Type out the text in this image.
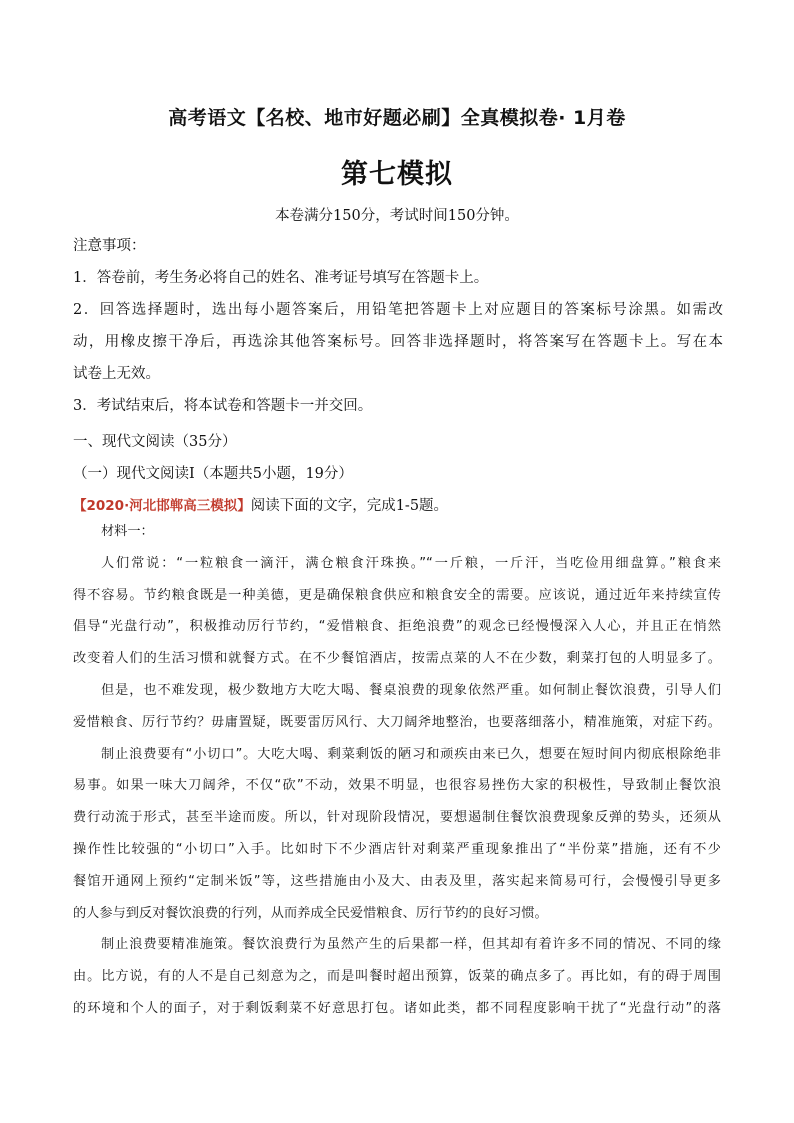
高考语文【名校、地市好题必刷】全真模拟卷· 1月卷
第七模拟
本卷满分150分，考试时间150分钟。
注意事项：
1．答卷前，考生务必将自己的姓名、准考证号填写在答题卡上。
2．回答选择题时，选出每小题答案后，用铅笔把答题卡上对应题目的答案标号涂黑。如需改
动，用橡皮擦干净后，再选涂其他答案标号。回答非选择题时，将答案写在答题卡上。写在本
试卷上无效。
3．考试结束后，将本试卷和答题卡一并交回。
一、现代文阅读（35分）
（一）现代文阅读Ⅰ（本题共5小题，19分）
【2020·河北邯郸高三模拟】阅读下面的文字，完成1-5题。
材料一：
人们常说：“一粒粮食一滴汗，满仓粮食汗珠换。”“一斤粮，一斤汗，当吃俭用细盘算。”粮食来
得不容易。节约粮食既是一种美德，更是确保粮食供应和粮食安全的需要。应该说，通过近年来持续宣传
倡导“光盘行动”，积极推动厉行节约，“爱惜粮食、拒绝浪费”的观念已经慢慢深入人心，并且正在悄然
改变着人们的生活习惯和就餐方式。在不少餐馆酒店，按需点菜的人不在少数，剩菜打包的人明显多了。
但是，也不难发现，极少数地方大吃大喝、餐桌浪费的现象依然严重。如何制止餐饮浪费，引导人们
爱惜粮食、厉行节约？毋庸置疑，既要雷厉风行、大刀阔斧地整治，也要落细落小，精准施策，对症下药。
制止浪费要有“小切口”。大吃大喝、剩菜剩饭的陋习和顽疾由来已久，想要在短时间内彻底根除绝非
易事。如果一味大刀阔斧，不仅“砍”不动，效果不明显，也很容易挫伤大家的积极性，导致制止餐饮浪
费行动流于形式，甚至半途而废。所以，针对现阶段情况，要想遏制住餐饮浪费现象反弹的势头，还须从
操作性比较强的“小切口”入手。比如时下不少酒店针对剩菜严重现象推出了“半份菜”措施，还有不少
餐馆开通网上预约“定制米饭”等，这些措施由小及大、由表及里，落实起来简易可行，会慢慢引导更多
的人参与到反对餐饮浪费的行列，从而养成全民爱惜粮食、厉行节约的良好习惯。
制止浪费要精准施策。餐饮浪费行为虽然产生的后果都一样，但其却有着许多不同的情况、不同的缘
由。比方说，有的人不是自己刻意为之，而是叫餐时超出预算，饭菜的确点多了。再比如，有的碍于周围
的环境和个人的面子，对于剩饭剩菜不好意思打包。诸如此类，都不同程度影响干扰了“光盘行动”的落
